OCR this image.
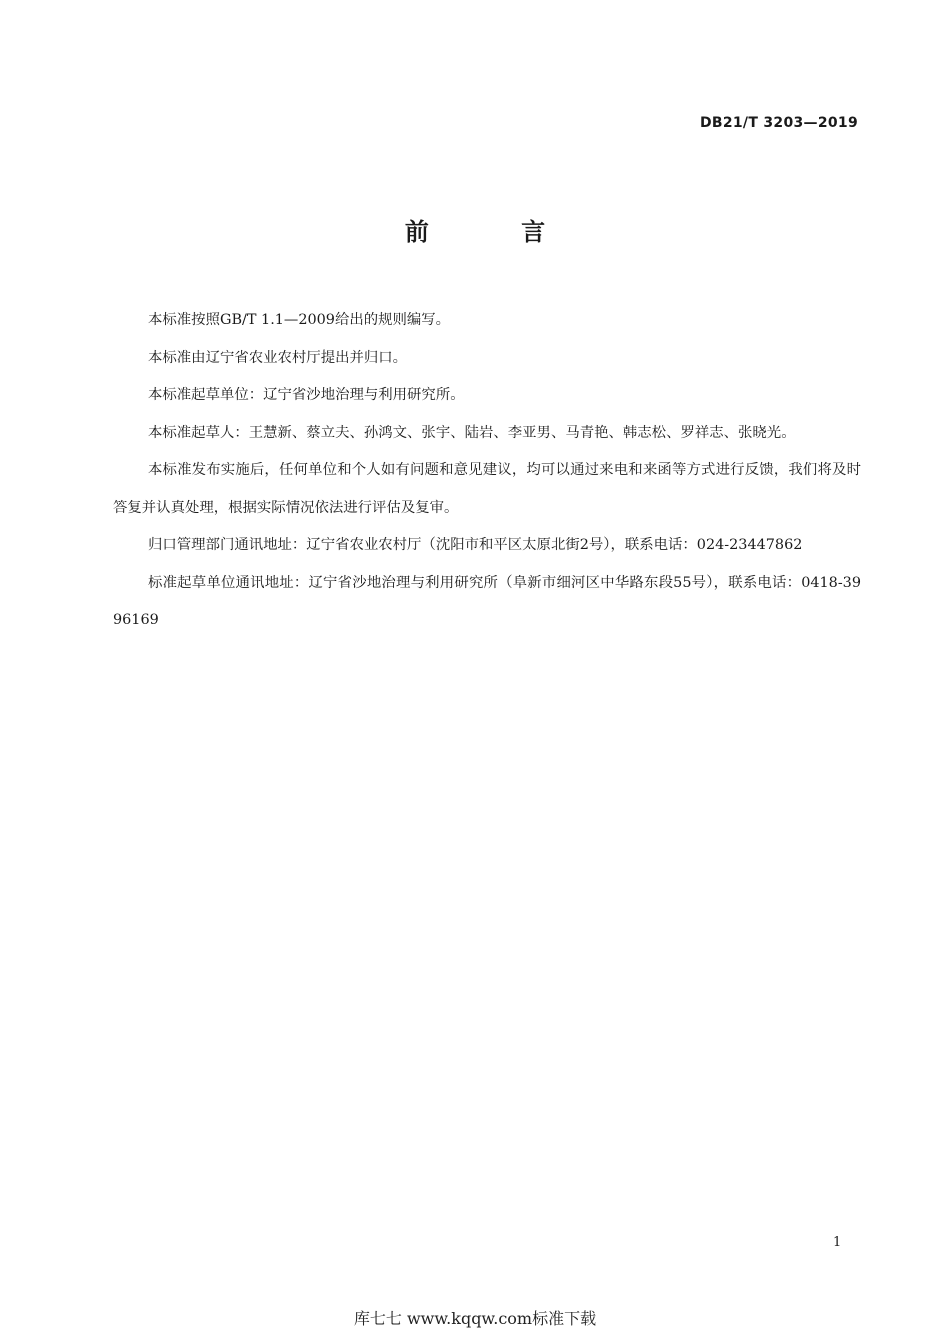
DB21/T 3203—2019
前 言

本标准按照GB/T 1.1—2009给出的规则编写。

本标准由辽宁省农业农村厅提出并归口。

本标准起草单位：辽宁省沙地治理与利用研究所。

本标准起草人：王慧新、蔡立夫、孙鸿文、张宇、陆岩、李亚男、马青艳、韩志松、罗祥志、张晓光。

本标准发布实施后，任何单位和个人如有问题和意见建议，均可以通过来电和来函等方式进行反馈，我们将及时答复并认真处理，根据实际情况依法进行评估及复审。

归口管理部门通讯地址：辽宁省农业农村厅（沈阳市和平区太原北街2号），联系电话：024-23447862

标准起草单位通讯地址：辽宁省沙地治理与利用研究所（阜新市细河区中华路东段55号），联系电话：0418-3996169

1
库七七 www.kqqw.com标准下载
